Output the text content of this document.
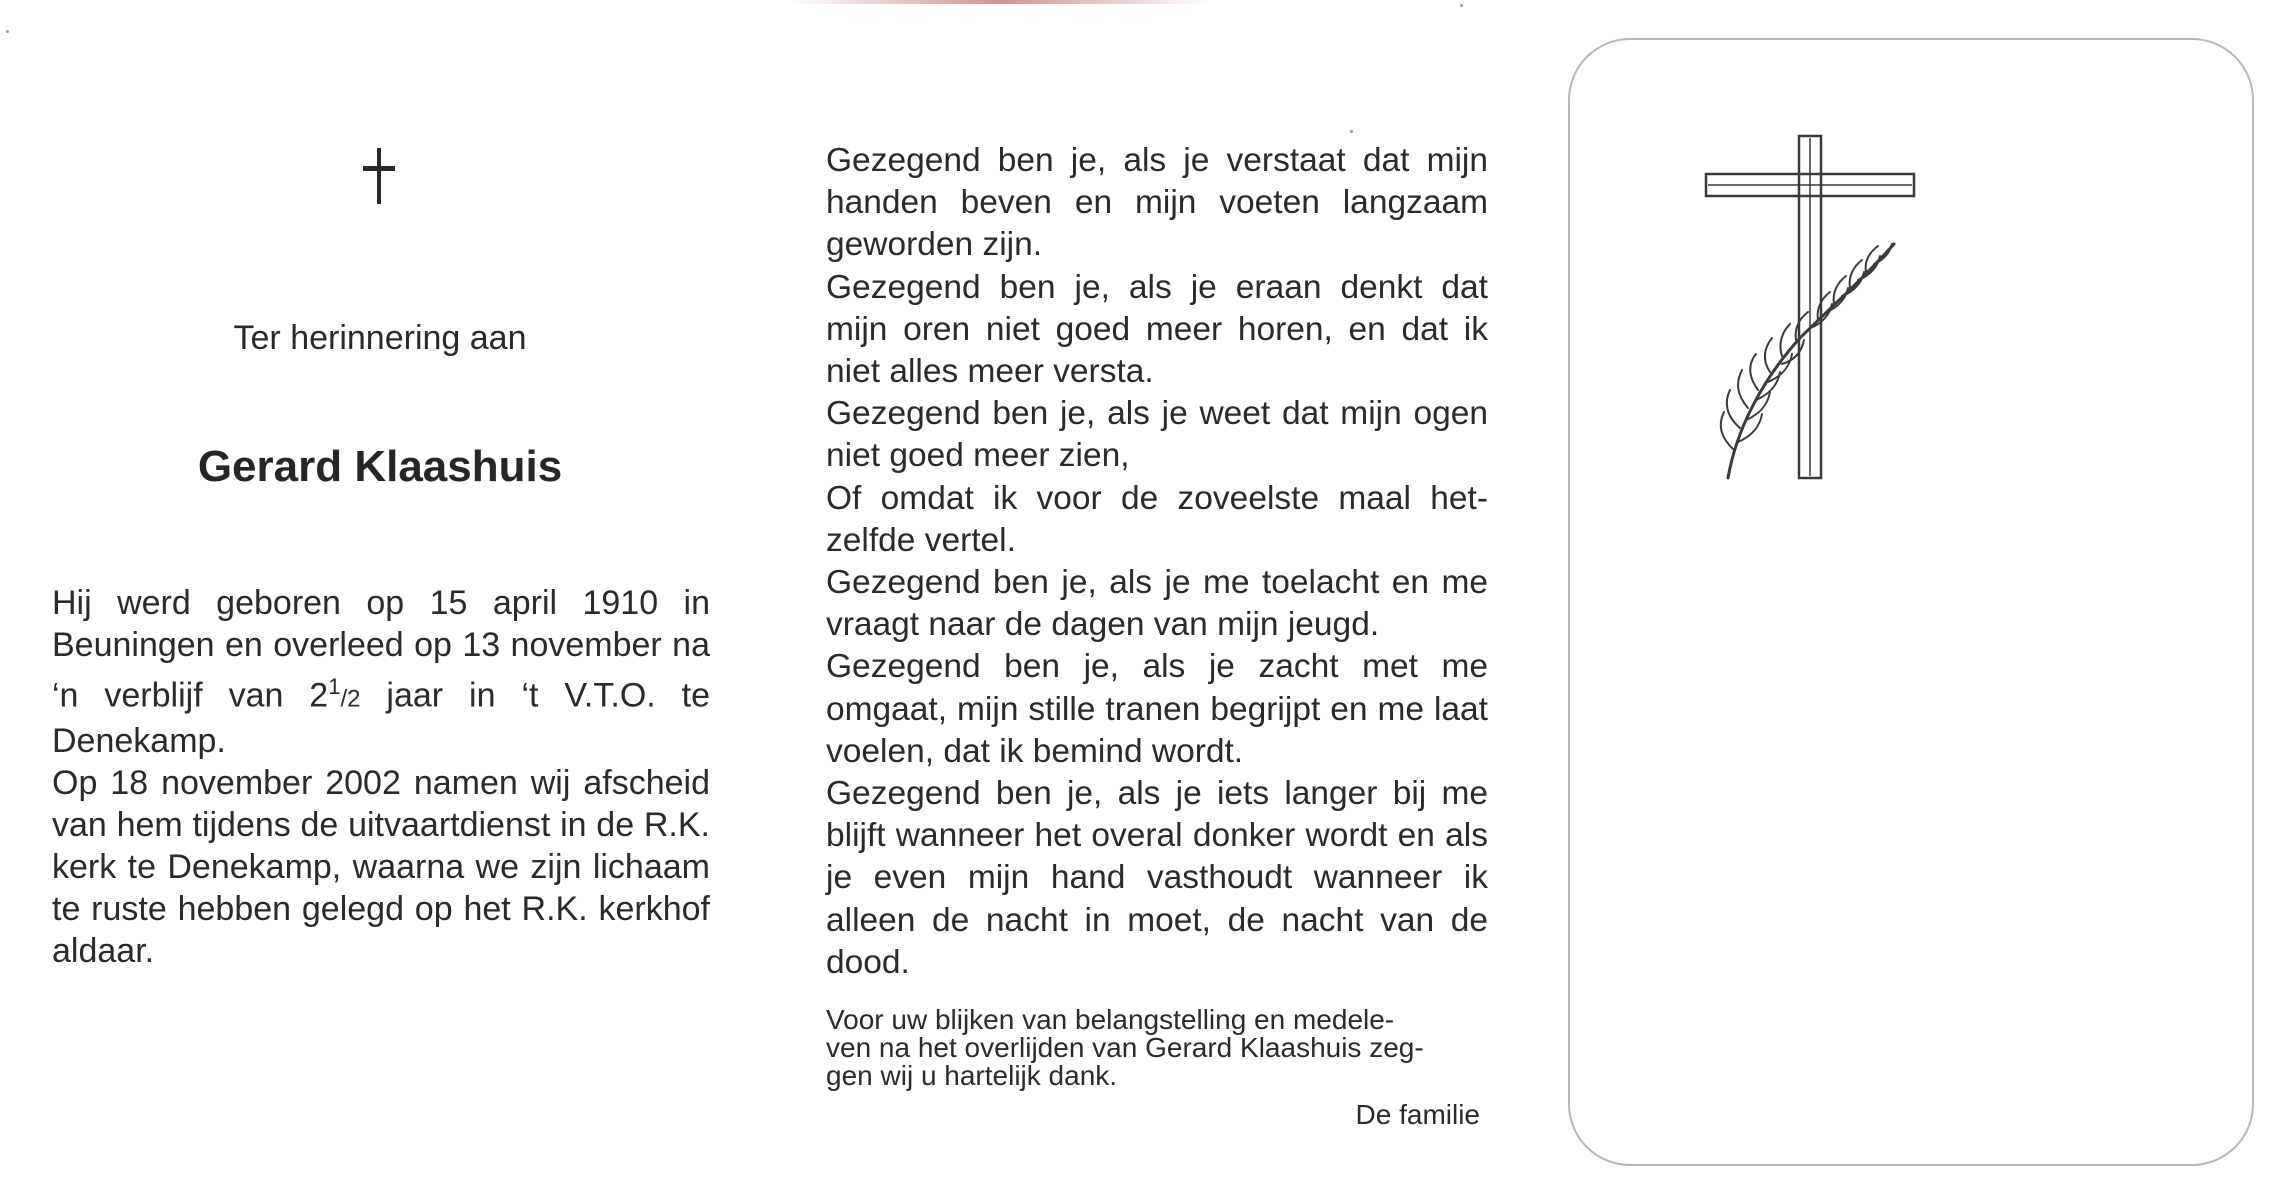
Ter herinnering aan
Gerard Klaashuis

Hij werd geboren op 15 april 1910 in Beuningen en overleed op 13 november na ‘n verblijf van $2^1/2$ jaar in ‘t V.T.O. te Denekamp.

Op 18 november 2002 namen wij afscheid van hem tijdens de uitvaartdienst in de R.K. kerk te Denekamp, waarna we zijn lichaam te ruste hebben gelegd op het R.K. kerkhof aldaar.

Gezegend ben je, als je verstaat dat mijn handen beven en mijn voeten langzaam geworden zijn.

Gezegend ben je, als je eraan denkt dat mijn oren niet goed meer horen, en dat ik niet alles meer versta.

Gezegend ben je, als je weet dat mijn ogen niet goed meer zien,

Of omdat ik voor de zoveelste maal het-zelfde vertel.

Gezegend ben je, als je me toelacht en me vraagt naar de dagen van mijn jeugd.

Gezegend ben je, als je zacht met me omgaat, mijn stille tranen begrijpt en me laat voelen, dat ik bemind wordt.

Gezegend ben je, als je iets langer bij me blijft wanneer het overal donker wordt en als je even mijn hand vasthoudt wanneer ik alleen de nacht in moet, de nacht van de dood.

Voor uw blijken van belangstelling en medele-
ven na het overlijden van Gerard Klaashuis zeg-
gen wij u hartelijk dank.
De familie
